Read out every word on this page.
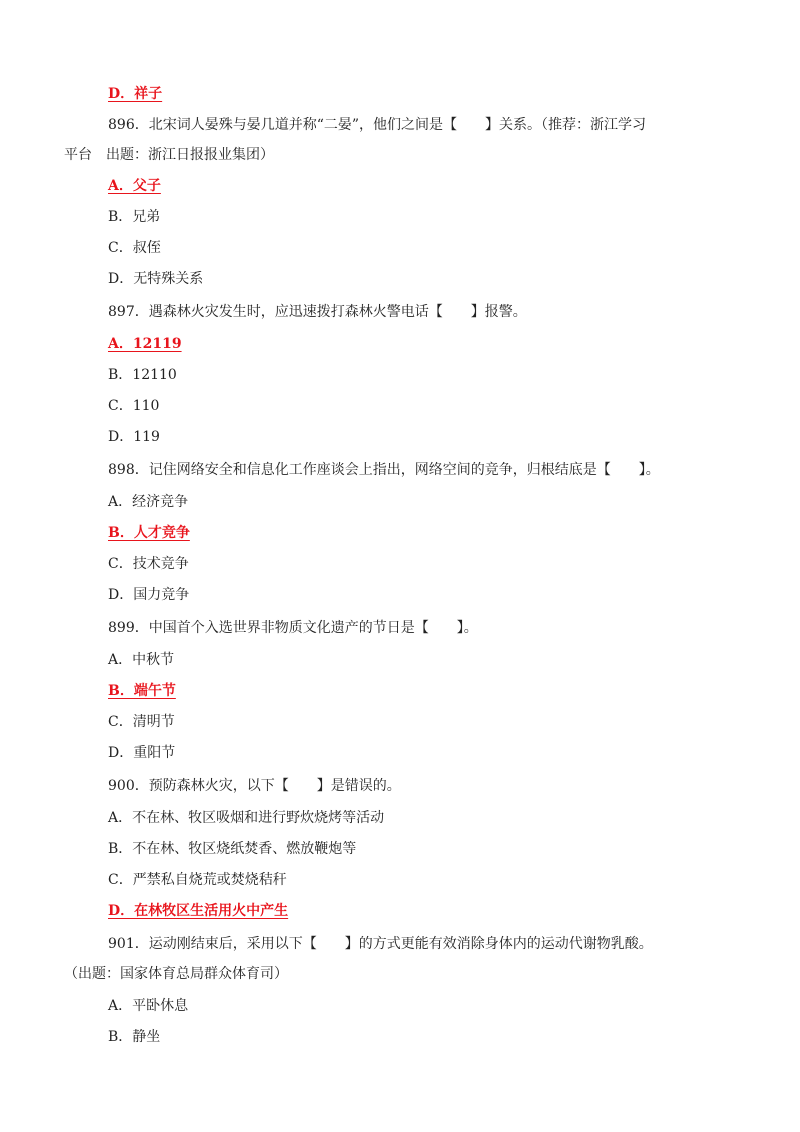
D．祥子
896．北宋词人晏殊与晏几道并称“二晏”，他们之间是【　　】关系。（推荐：浙江学习
平台　出题：浙江日报报业集团）
A．父子
B．兄弟
C．叔侄
D．无特殊关系
897．遇森林火灾发生时，应迅速拨打森林火警电话【　　】报警。
A．12119
B．12110
C．110
D．119
898．记住网络安全和信息化工作座谈会上指出，网络空间的竞争，归根结底是【　　】。
A．经济竞争
B．人才竞争
C．技术竞争
D．国力竞争
899．中国首个入选世界非物质文化遗产的节日是【　　】。
A．中秋节
B．端午节
C．清明节
D．重阳节
900．预防森林火灾，以下【　　】是错误的。
A．不在林、牧区吸烟和进行野炊烧烤等活动
B．不在林、牧区烧纸焚香、燃放鞭炮等
C．严禁私自烧荒或焚烧秸秆
D．在林牧区生活用火中产生
901．运动刚结束后，采用以下【　　】的方式更能有效消除身体内的运动代谢物乳酸。
（出题：国家体育总局群众体育司）
A．平卧休息
B．静坐
